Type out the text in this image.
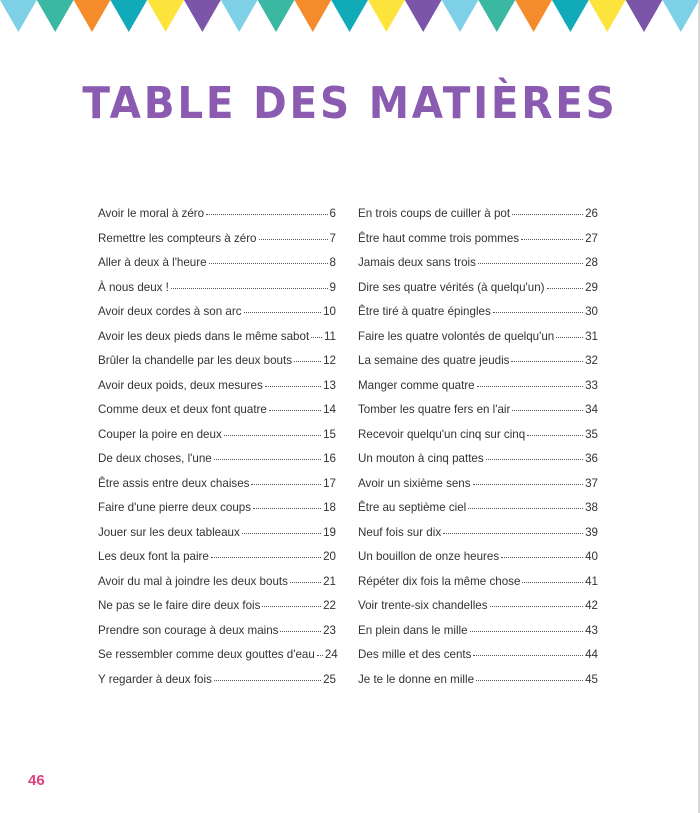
TABLE DES MATIÈRES
Avoir le moral à zéro	6
Remettre les compteurs à zéro	7
Aller à deux à l'heure	8
À nous deux !	9
Avoir deux cordes à son arc	10
Avoir les deux pieds dans le même sabot 11
Brûler la chandelle par les deux bouts	12
Avoir deux poids, deux mesures	13
Comme deux et deux font quatre	14
Couper la poire en deux	15
De deux choses, l'une	16
Être assis entre deux chaises	17
Faire d'une pierre deux coups	18
Jouer sur les deux tableaux	19
Les deux font la paire	20
Avoir du mal à joindre les deux bouts	21
Ne pas se le faire dire deux fois	22
Prendre son courage à deux mains	23
Se ressembler comme deux gouttes d'eau 24
Y regarder à deux fois	25
En trois coups de cuiller à pot	26
Être haut comme trois pommes	27
Jamais deux sans trois	28
Dire ses quatre vérités (à quelqu'un)	29
Être tiré à quatre épingles	30
Faire les quatre volontés de quelqu'un	31
La semaine des quatre jeudis	32
Manger comme quatre	33
Tomber les quatre fers en l'air	34
Recevoir quelqu'un cinq sur cinq	35
Un mouton à cinq pattes	36
Avoir un sixième sens	37
Être au septième ciel	38
Neuf fois sur dix	39
Un bouillon de onze heures	40
Répéter dix fois la même chose	41
Voir trente-six chandelles	42
En plein dans le mille	43
Des mille et des cents	44
Je te le donne en mille	45
46
